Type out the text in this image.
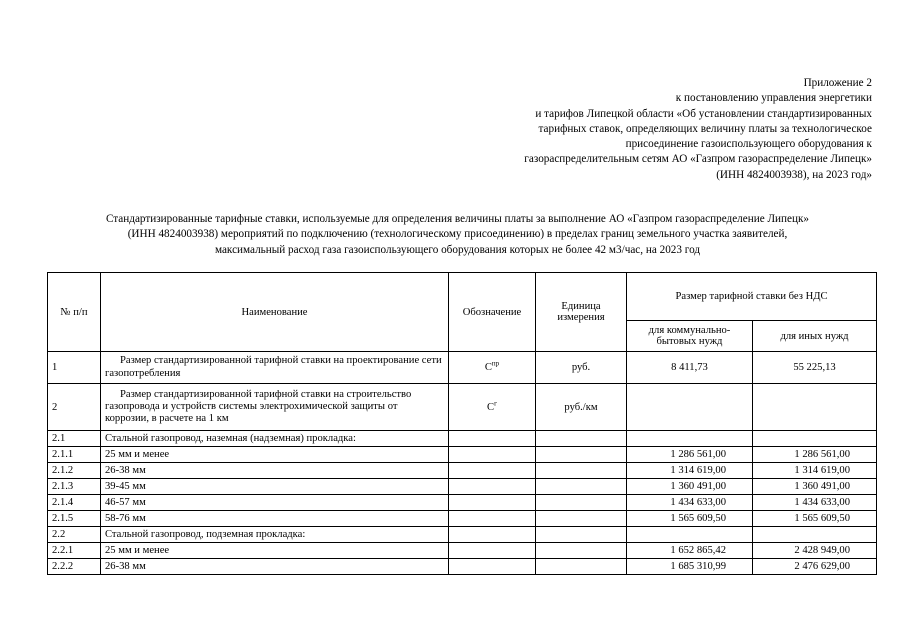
Приложение 2
к постановлению управления энергетики
и тарифов Липецкой области «Об установлении стандартизированных
тарифных ставок, определяющих величину платы за технологическое
присоединение газоиспользующего оборудования к
газораспределительным сетям АО «Газпром газораспределение Липецк»
(ИНН 4824003938), на 2023 год»
Стандартизированные тарифные ставки, используемые для определения величины платы за выполнение АО «Газпром газораспределение Липецк»
(ИНН 4824003938) мероприятий по подключению (технологическому присоединению) в пределах границ земельного участка заявителей,
максимальный расход газа газоиспользующего оборудования которых не более 42 м3/час, на 2023 год
№ п/п	Наименование	Обозначение	Единица измерения	Размер тарифной ставки без НДС	
				для коммунально-бытовых нужд	для иных нужд
1	Размер стандартизированной тарифной ставки на проектирование сети газопотребления	$С^{пр}$	руб.	8 411,73	55 225,13
2	Размер стандартизированной тарифной ставки на строительство газопровода и устройств системы электрохимической защиты от коррозии, в расчете на 1 км	$С^г$	руб./км		
2.1	Стальной газопровод, наземная (надземная) прокладка:				
2.1.1	25 мм и менее			1 286 561,00	1 286 561,00
2.1.2	26-38 мм			1 314 619,00	1 314 619,00
2.1.3	39-45 мм			1 360 491,00	1 360 491,00
2.1.4	46-57 мм			1 434 633,00	1 434 633,00
2.1.5	58-76 мм			1 565 609,50	1 565 609,50
2.2	Стальной газопровод, подземная прокладка:				
2.2.1	25 мм и менее			1 652 865,42	2 428 949,00
2.2.2	26-38 мм			1 685 310,99	2 476 629,00
